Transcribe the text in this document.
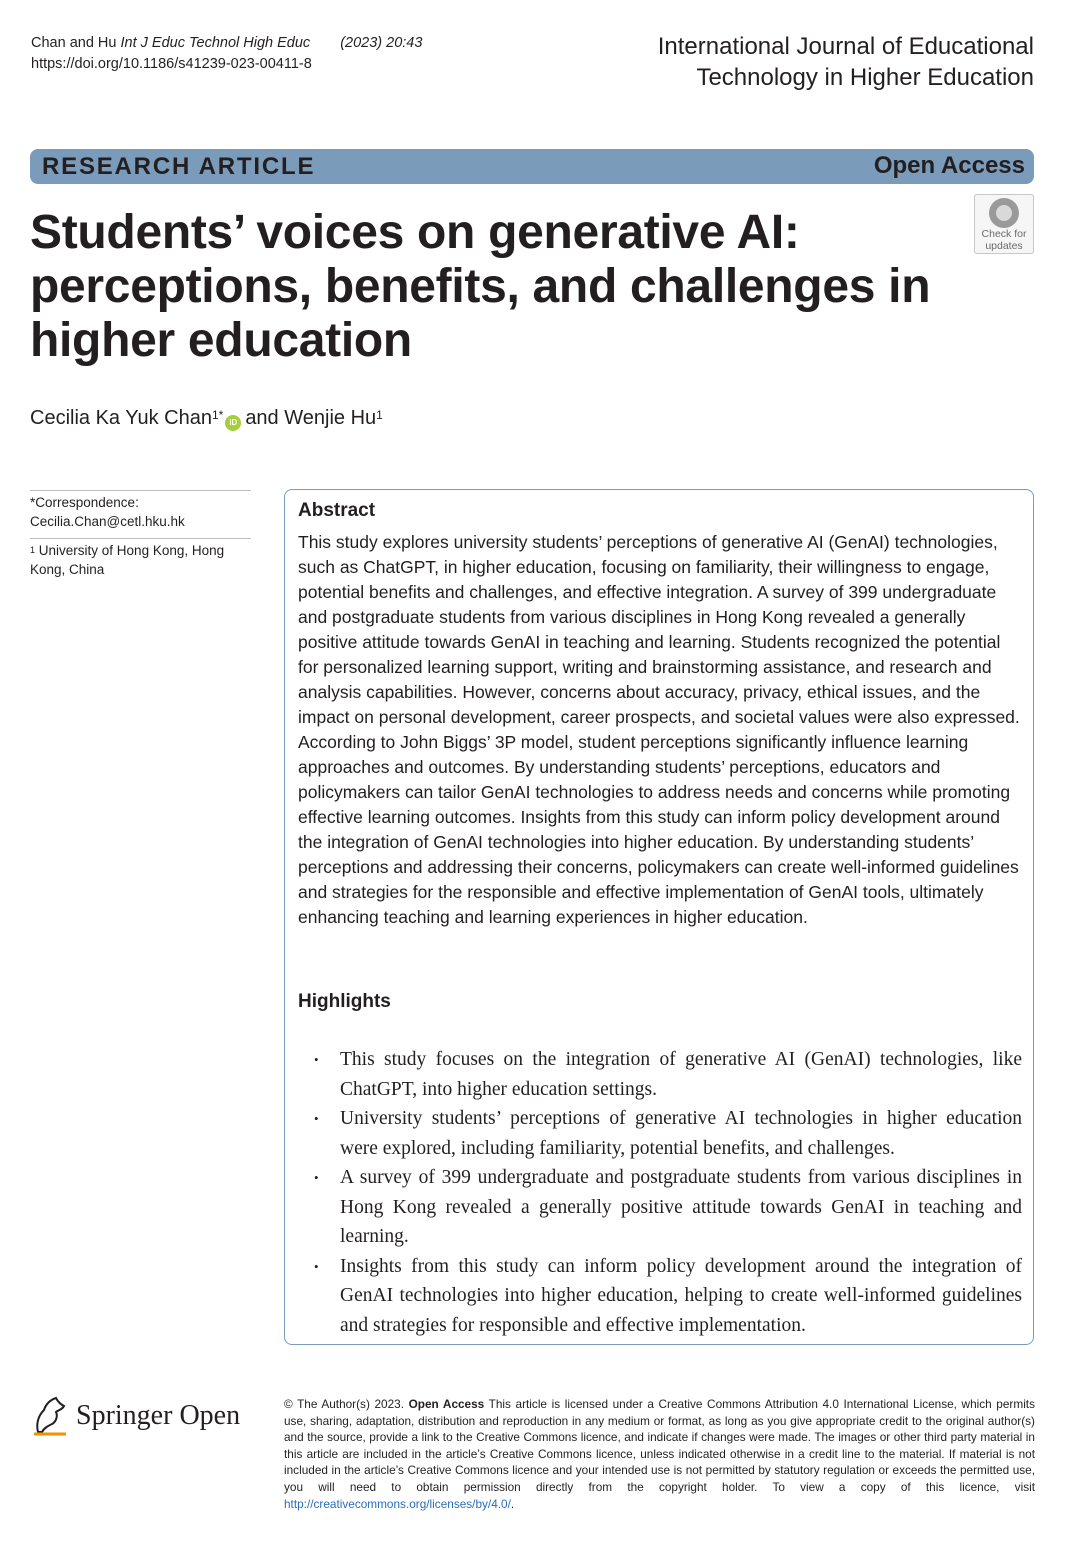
Chan and Hu Int J Educ Technol High Educ (2023) 20:43
https://doi.org/10.1186/s41239-023-00411-8
International Journal of Educational
Technology in Higher Education
RESEARCH ARTICLE	Open Access
Students’ voices on generative AI: perceptions, benefits, and challenges in higher education
Check for
updates
Cecilia Ka Yuk Chan$^{1*}$iD and Wenjie Hu$^1$
*Correspondence:
Cecilia.Chan@cetl.hku.hk
$^1$ University of Hong Kong, Hong Kong, China
Abstract

This study explores university students’ perceptions of generative AI (GenAI) technologies, such as ChatGPT, in higher education, focusing on familiarity, their willingness to engage, potential benefits and challenges, and effective integration. A survey of 399 undergraduate and postgraduate students from various disciplines in Hong Kong revealed a generally positive attitude towards GenAI in teaching and learning. Students recognized the potential for personalized learning support, writing and brainstorming assistance, and research and analysis capabilities. However, concerns about accuracy, privacy, ethical issues, and the impact on personal development, career prospects, and societal values were also expressed. According to John Biggs’ 3P model, student perceptions significantly influence learning approaches and outcomes. By understanding students’ perceptions, educators and policymakers can tailor GenAI technologies to address needs and concerns while promoting effective learning outcomes. Insights from this study can inform policy development around the integration of GenAI technologies into higher education. By understanding students’ perceptions and addressing their concerns, policymakers can create well-informed guidelines and strategies for the responsible and effective implementation of GenAI tools, ultimately enhancing teaching and learning experiences in higher education.

Highlights
• This study focuses on the integration of generative AI (GenAI) technologies, like ChatGPT, into higher education settings.
• University students’ perceptions of generative AI technologies in higher education were explored, including familiarity, potential benefits, and challenges.
• A survey of 399 undergraduate and postgraduate students from various disciplines in Hong Kong revealed a generally positive attitude towards GenAI in teaching and learning.
• Insights from this study can inform policy development around the integration of GenAI technologies into higher education, helping to create well-informed guidelines and strategies for responsible and effective implementation.
Springer Open	© The Author(s) 2023. Open Access This article is licensed under a Creative Commons Attribution 4.0 International License, which permits use, sharing, adaptation, distribution and reproduction in any medium or format, as long as you give appropriate credit to the original author(s) and the source, provide a link to the Creative Commons licence, and indicate if changes were made. The images or other third party material in this article are included in the article’s Creative Commons licence, unless indicated otherwise in a credit line to the material. If material is not included in the article’s Creative Commons licence and your intended use is not permitted by statutory regulation or exceeds the permitted use, you will need to obtain permission directly from the copyright holder. To view a copy of this licence, visit http://creativecommons.org/licenses/by/4.0/.
